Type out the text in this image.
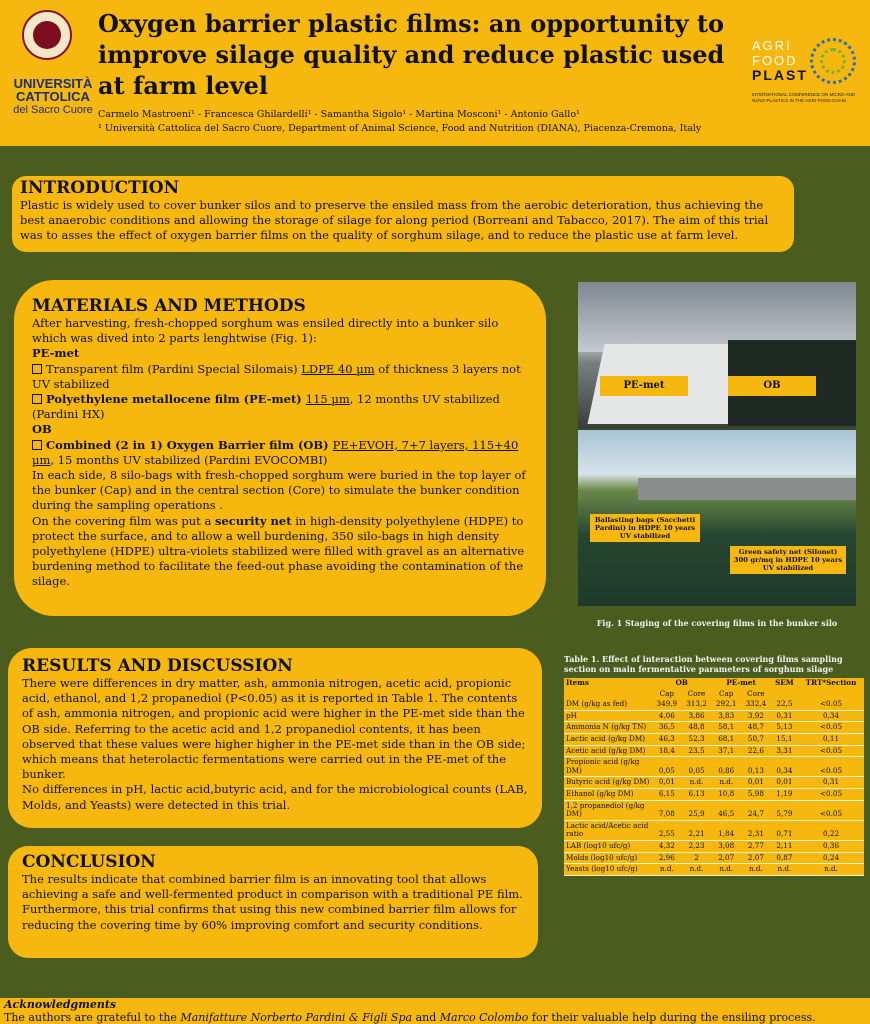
UNIVERSITÀ
CATTOLICA
del Sacro Cuore
Oxygen barrier plastic films: an opportunity to improve silage quality and reduce plastic used at farm level
Carmelo Mastroeni¹ - Francesca Ghilardelli¹ - Samantha Sigolo¹ - Martina Mosconi¹ - Antonio Gallo¹
¹ Università Cattolica del Sacro Cuore, Department of Animal Science, Food and Nutrition (DIANA), Piacenza-Cremona, Italy
AGRI
FOOD
PLAST
INTERNATIONAL CONFERENCE ON MICRO AND NANO-PLASTICS IN THE AGRI-FOOD-CHAIN
INTRODUCTION
Plastic is widely used to cover bunker silos and to preserve the ensiled mass from the aerobic deterioration, thus achieving the best anaerobic conditions and allowing the storage of silage for along period (Borreani and Tabacco, 2017). The aim of this trial was to asses the effect of oxygen barrier films on the quality of sorghum silage, and to reduce the plastic use at farm level.
MATERIALS AND METHODS
After harvesting, fresh-chopped sorghum was ensiled directly into a bunker silo which was dived into 2 parts lenghtwise (Fig. 1):
PE-met
Transparent film (Pardini Special Silomais) LDPE 40 µm of thickness 3 layers not UV stabilized
Polyethylene metallocene film (PE-met) 115 µm, 12 months UV stabilized (Pardini HX)
OB
Combined (2 in 1) Oxygen Barrier film (OB) PE+EVOH, 7+7 layers, 115+40 µm, 15 months UV stabilized (Pardini EVOCOMBI)
In each side, 8 silo-bags with fresh-chopped sorghum were buried in the top layer of the bunker (Cap) and in the central section (Core) to simulate the bunker condition during the sampling operations .
On the covering film was put a security net in high-density polyethylene (HDPE) to protect the surface, and to allow a well burdening, 350 silo-bags in high density polyethylene (HDPE) ultra-violets stabilized were filled with gravel as an alternative burdening method to facilitate the feed-out phase avoiding the contamination of the silage.
PE-met	OB
Ballasting bags (Sacchetti Pardini) in HDPE 10 years UV stabilized
Green safety net (Silonet) 300 gr/mq in HDPE 10 years UV stabilized
Fig. 1 Staging of the covering films in the bunker silo
RESULTS AND DISCUSSION
There were differences in dry matter, ash, ammonia nitrogen, acetic acid, propionic acid, ethanol, and 1,2 propanediol (P<0.05) as it is reported in Table 1. The contents of ash, ammonia nitrogen, and propionic acid were higher in the PE-met side than the OB side. Referring to the acetic acid and 1,2 propanediol contents, it has been observed that these values were higher higher in the PE-met side than in the OB side; which means that heterolactic fermentations were carried out in the PE-met of the bunker.
No differences in pH, lactic acid,butyric acid, and for the microbiological counts (LAB, Molds, and Yeasts) were detected in this trial.
CONCLUSION
The results indicate that combined barrier film is an innovating tool that allows achieving a safe and well-fermented product in comparison with a traditional PE film. Furthermore, this trial confirms that using this new combined barrier film allows for reducing the covering time by 60% improving comfort and security conditions.
Table 1. Effect of interaction between covering films sampling section on main fermentative parameters of sorghum silage
Items	OB		PE-met		SEM	TRT*Section
	Cap	Core	Cap	Core		
DM (g/kg as fed)	349,9	313,2	292,1	332,4	22,5	<0.05
pH	4,06	3,86	3,83	3,92	0,31	0,34
Ammonia N (g/kg TN)	36,5	48,8	58,1	48,7	5,13	<0.05
Lactic acid (g/kg DM)	46,3	52,3	68,1	50,7	15,1	0,11
Acetic acid (g/kg DM)	18,4	23,5	37,1	22,6	3,31	<0.05
Propionic acid (g/kg DM)	0,05	0,05	0,86	0,13	0,34	<0.05
Butyric acid (g/kg DM)	0,01	n.d.	n.d.	0,01	0,01	0,31
Ethanol (g/kg DM)	6,15	6,13	10,8	5,98	1,19	<0.05
1,2 propanediol (g/kg DM)	7,08	25,9	46,5	24,7	5,79	<0.05
Lactic acid/Acetic acid ratio	2,55	2,21	1,84	2,31	0,71	0,22
LAB (log10 ufc/g)	4,32	2,23	3,08	2,77	2,11	0,36
Molds (log10 ufc/g)	2,96	2	2,07	2,07	0,87	0,24
Yeasts (log10 ufc/g)	n.d.	n.d.	n.d.	n.d.	n.d.	n.d.
Acknowledgments
The authors are grateful to the Manifatture Norberto Pardini & Figli Spa and Marco Colombo for their valuable help during the ensiling process.
